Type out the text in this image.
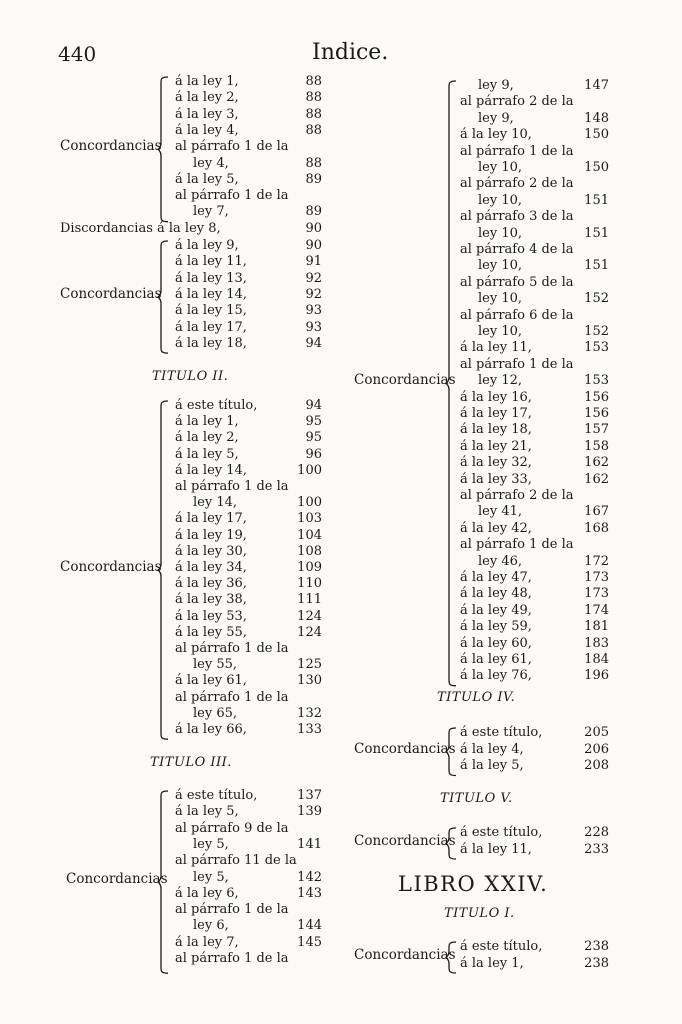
440	Indice.
Concordancias
á la ley 1,	88
á la ley 2,	88
á la ley 3,	88
á la ley 4,	88
al párrafo 1 de la
ley 4,	88
á la ley 5,	89
al párrafo 1 de la
ley 7,	89
Discordancias á la ley 8,	90
Concordancias
á la ley 9,	90
á la ley 11,	91
á la ley 13,	92
á la ley 14,	92
á la ley 15,	93
á la ley 17,	93
á la ley 18,	94
TITULO II.
Concordancias
á este título,	94
á la ley 1,	95
á la ley 2,	95
á la ley 5,	96
á la ley 14,	100
al párrafo 1 de la
ley 14,	100
á la ley 17,	103
á la ley 19,	104
á la ley 30,	108
á la ley 34,	109
á la ley 36,	110
á la ley 38,	111
á la ley 53,	124
á la ley 55,	124
al párrafo 1 de la
ley 55,	125
á la ley 61,	130
al párrafo 1 de la
ley 65,	132
á la ley 66,	133
TITULO III.
Concordancias
á este título,	137
á la ley 5,	139
al párrafo 9 de la
ley 5,	141
al párrafo 11 de la
ley 5,	142
á la ley 6,	143
al párrafo 1 de la
ley 6,	144
á la ley 7,	145
al párrafo 1 de la
Concordancias
ley 9,	147
al párrafo 2 de la
ley 9,	148
á la ley 10,	150
al párrafo 1 de la
ley 10,	150
al párrafo 2 de la
ley 10,	151
al párrafo 3 de la
ley 10,	151
al párrafo 4 de la
ley 10,	151
al párrafo 5 de la
ley 10,	152
al párrafo 6 de la
ley 10,	152
á la ley 11,	153
al párrafo 1 de la
ley 12,	153
á la ley 16,	156
á la ley 17,	156
á la ley 18,	157
á la ley 21,	158
á la ley 32,	162
á la ley 33,	162
al párrafo 2 de la
ley 41,	167
á la ley 42,	168
al párrafo 1 de la
ley 46,	172
á la ley 47,	173
á la ley 48,	173
á la ley 49,	174
á la ley 59,	181
á la ley 60,	183
á la ley 61,	184
á la ley 76,	196
TITULO IV.
Concordancias
á este título,	205
á la ley 4,	206
á la ley 5,	208
TITULO V.
Concordancias á este título,	228
á la ley 11,	233
LIBRO XXIV.
TITULO I.
Concordancias á este título,	238
á la ley 1,	238
